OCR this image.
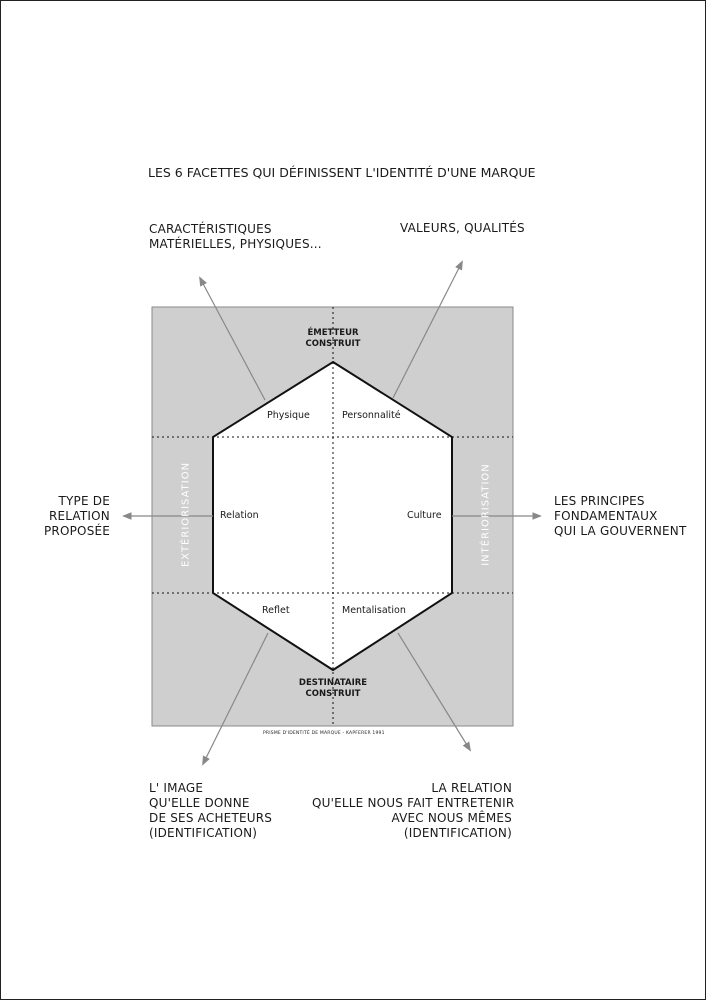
LES 6 FACETTES QUI DÉFINISSENT L'IDENTITÉ D'UNE MARQUE
CARACTÉRISTIQUES
MATÉRIELLES, PHYSIQUES...
VALEURS, QUALITÉS
TYPE DE
RELATION
PROPOSÉE
LES PRINCIPES
FONDAMENTAUX
QUI LA GOUVERNENT
L' IMAGE
QU'ELLE DONNE
DE SES ACHETEURS
(IDENTIFICATION)
LA RELATION
QU'ELLE NOUS FAIT ENTRETENIR
AVEC NOUS MÊMES
(IDENTIFICATION)
ÉMETTEUR
CONSTRUIT
DESTINATAIRE
CONSTRUIT
Physique	Personnalité
Relation	Culture
Reflet	Mentalisation
EXTÉRIORISATION	INTÉRIORISATION
PRISME D'IDENTITÉ DE MARQUE - KAPFERER 1991
